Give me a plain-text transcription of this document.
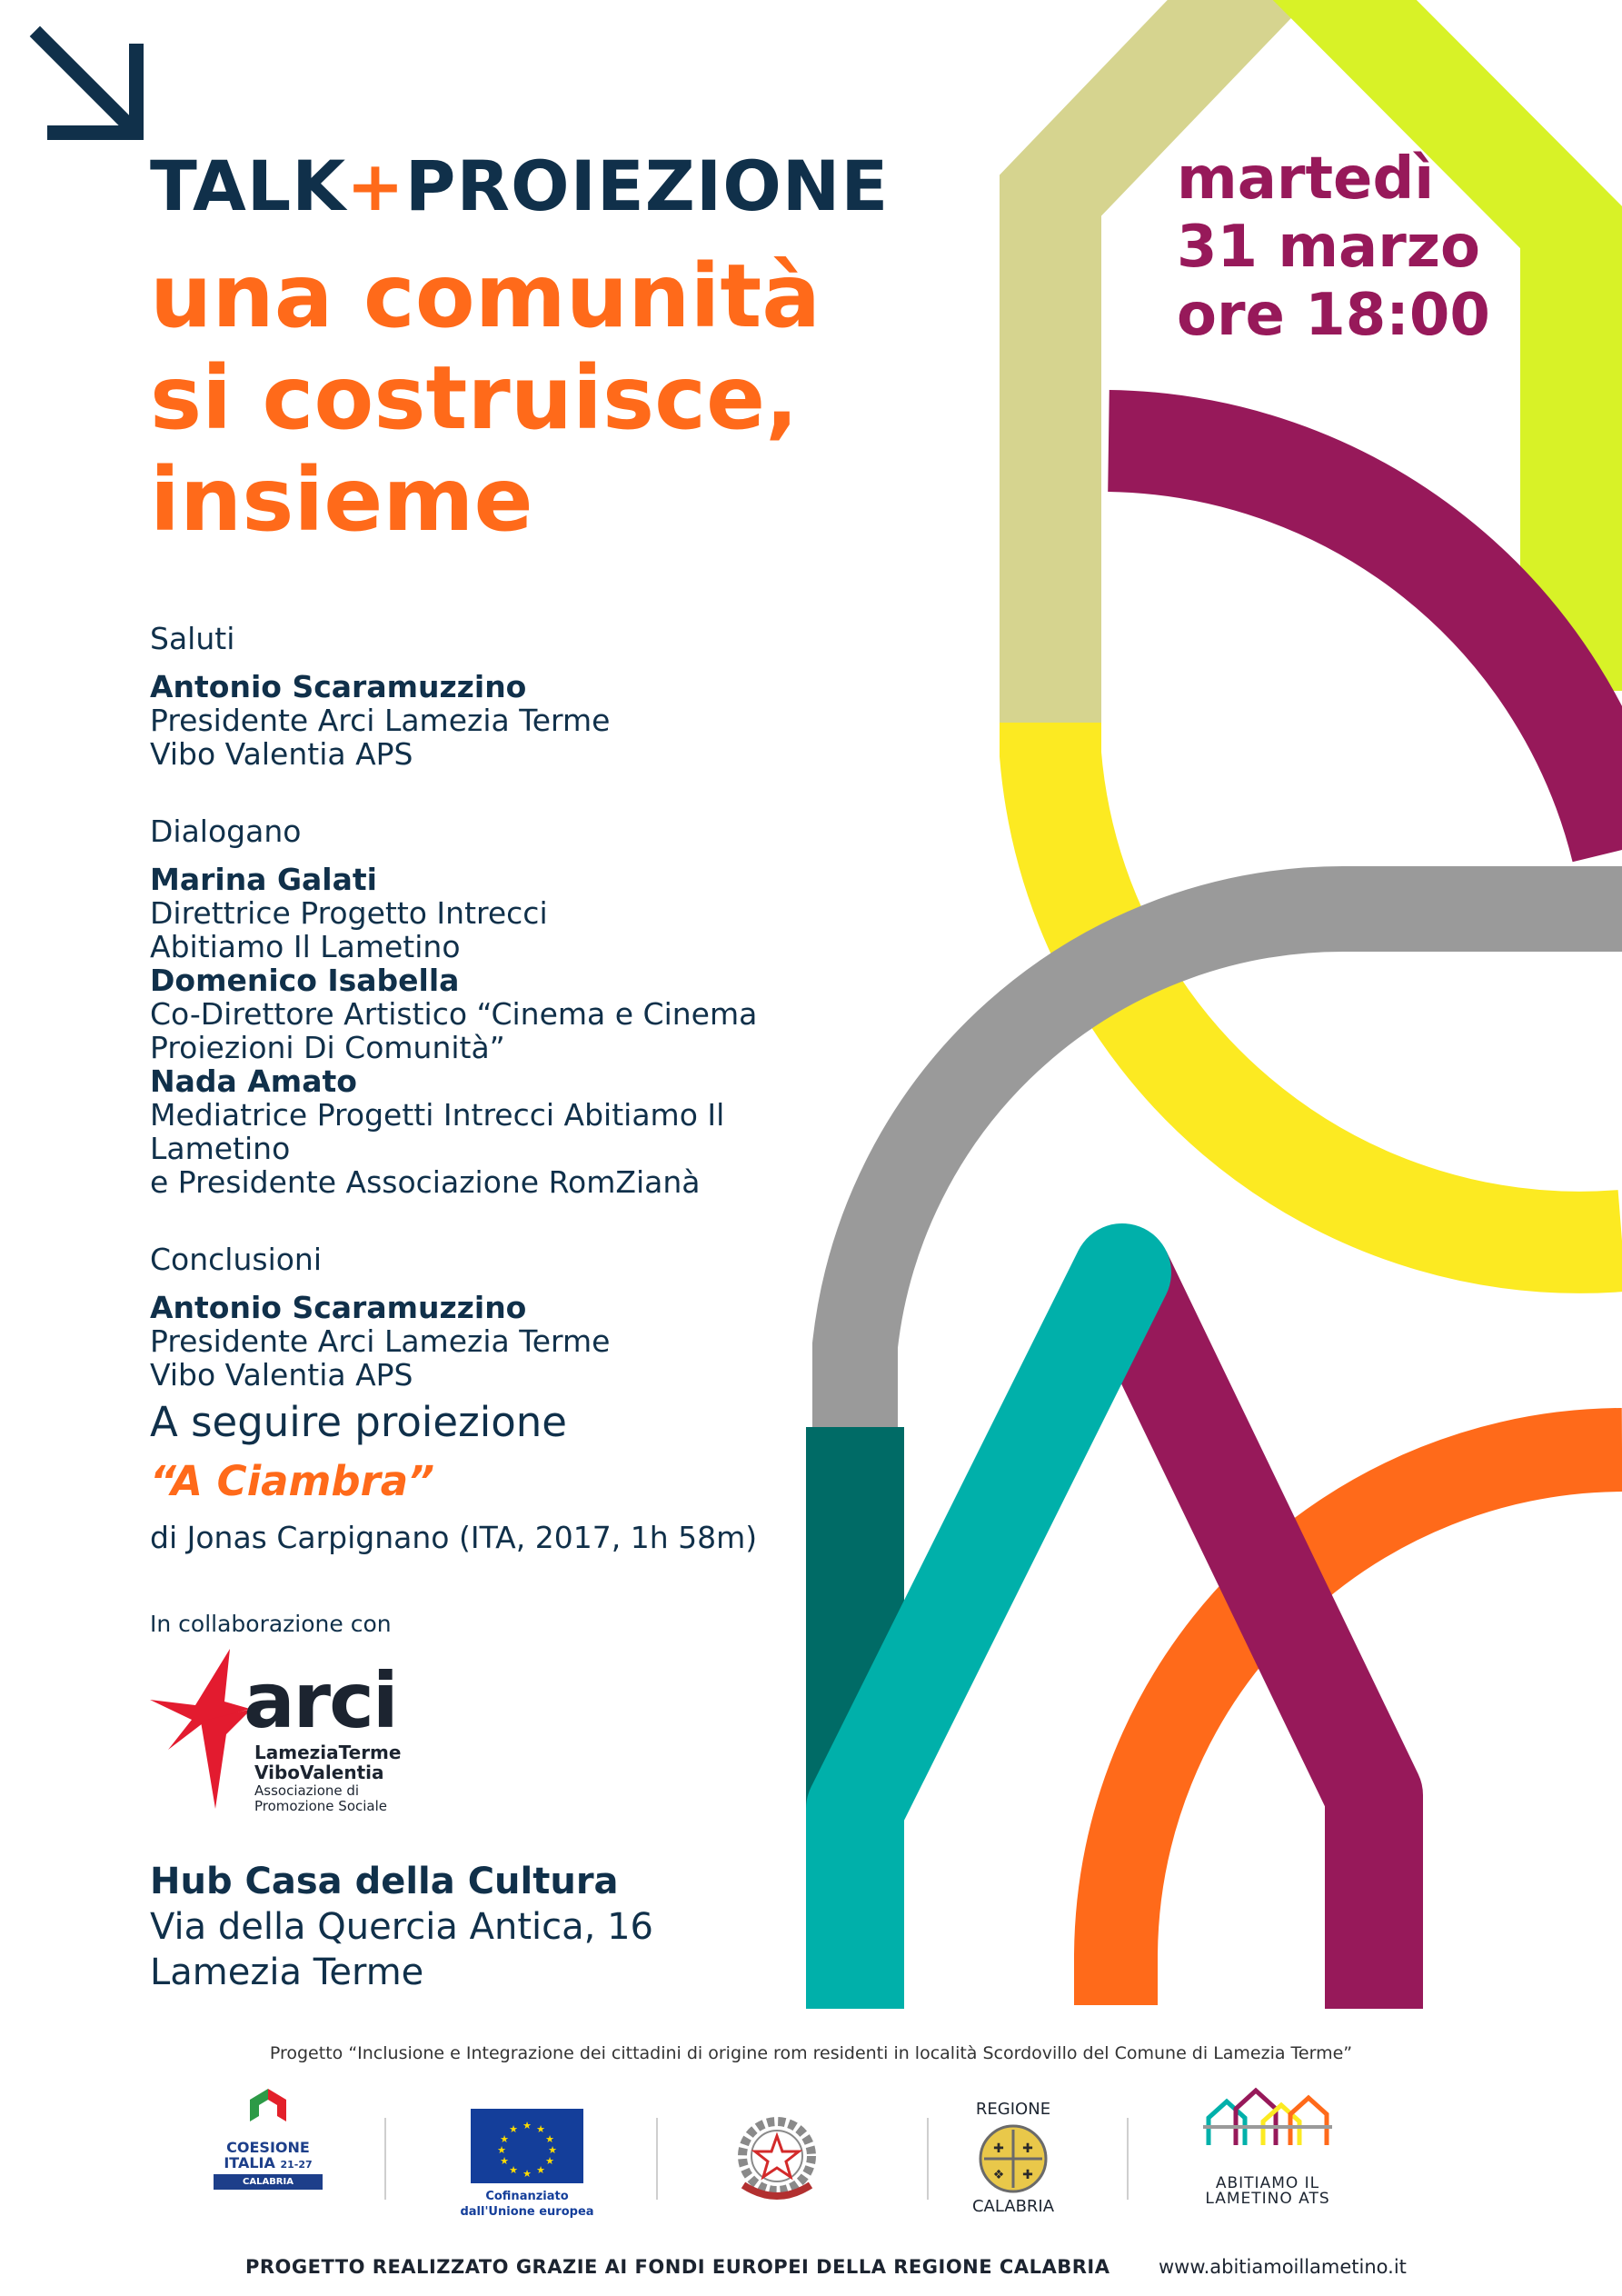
TALK+PROIEZIONE
una comunità
si costruisce,
insieme
martedì
31 marzo
ore 18:00
Saluti
Antonio Scaramuzzino
Presidente Arci Lamezia Terme
Vibo Valentia APS
Dialogano
Marina Galati
Direttrice Progetto Intrecci
Abitiamo Il Lametino
Domenico Isabella
Co-Direttore Artistico “Cinema e Cinema
Proiezioni Di Comunità”
Nada Amato
Mediatrice Progetti Intrecci Abitiamo Il Lametino
e Presidente Associazione RomZianà
Conclusioni
Antonio Scaramuzzino
Presidente Arci Lamezia Terme
Vibo Valentia APS
A seguire proiezione
“A Ciambra”
di Jonas Carpignano (ITA, 2017, 1h 58m)
In collaborazione con
arci
LameziaTerme
ViboValentia
Associazione di
Promozione Sociale
Hub Casa della Cultura
Via della Quercia Antica, 16
Lamezia Terme
Progetto “Inclusione e Integrazione dei cittadini di origine rom residenti in località Scordovillo del Comune di Lamezia Terme”
COESIONE
ITALIA 21-27
CALABRIA
★ ★
★
★
★
★
★
★
★
★
★
★
Cofinanziato
dall'Unione europea
REGIONE
✚ ✚
❖ ✚
CALABRIA
ABITIAMO IL
LAMETINO ATS
PROGETTO REALIZZATO GRAZIE AI FONDI EUROPEI DELLA REGIONE CALABRIA	www.abitiamoillametino.it
